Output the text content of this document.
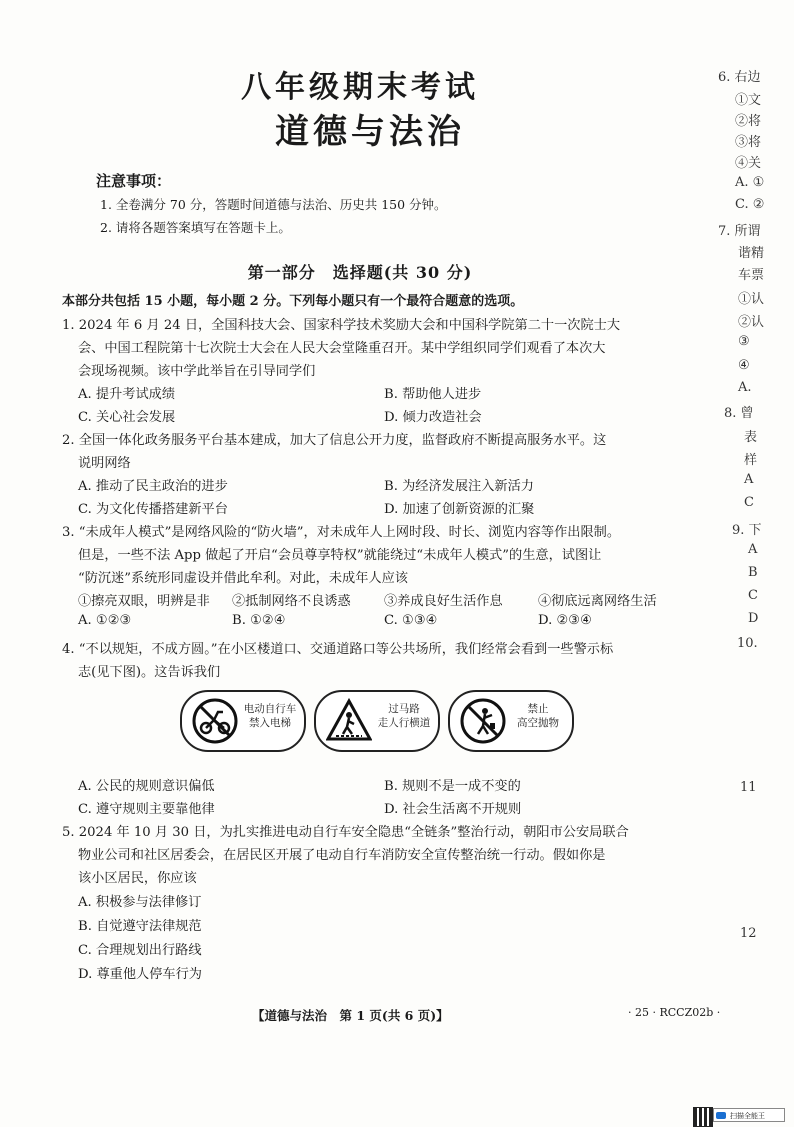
八年级期末考试
道德与法治
注意事项：
1. 全卷满分 70 分，答题时间道德与法治、历史共 150 分钟。
2. 请将各题答案填写在答题卡上。
第一部分　选择题(共 30 分)
本部分共包括 15 小题，每小题 2 分。下列每小题只有一个最符合题意的选项。
1. 2024 年 6 月 24 日，全国科技大会、国家科学技术奖励大会和中国科学院第二十一次院士大
会、中国工程院第十七次院士大会在人民大会堂隆重召开。某中学组织同学们观看了本次大
会现场视频。该中学此举旨在引导同学们
A. 提升考试成绩	B. 帮助他人进步
C. 关心社会发展	D. 倾力改造社会
2. 全国一体化政务服务平台基本建成，加大了信息公开力度，监督政府不断提高服务水平。这
说明网络
A. 推动了民主政治的进步	B. 为经济发展注入新活力
C. 为文化传播搭建新平台	D. 加速了创新资源的汇聚
3. “未成年人模式”是网络风险的“防火墙”，对未成年人上网时段、时长、浏览内容等作出限制。
但是，一些不法 App 做起了开启“会员尊享特权”就能绕过“未成年人模式”的生意，试图让
“防沉迷”系统形同虚设并借此牟利。对此，未成年人应该
①擦亮双眼，明辨是非 ②抵制网络不良诱惑	③养成良好生活作息	④彻底远离网络生活
A. ①②③	B. ①②④	C. ①③④	D. ②③④
4. “不以规矩，不成方圆。”在小区楼道口、交通道路口等公共场所，我们经常会看到一些警示标
志(见下图)。这告诉我们
电动自行车
禁入电梯
过马路
走人行横道
禁止
高空抛物
A. 公民的规则意识偏低	B. 规则不是一成不变的
C. 遵守规则主要靠他律	D. 社会生活离不开规则
5. 2024 年 10 月 30 日，为扎实推进电动自行车安全隐患“全链条”整治行动，朝阳市公安局联合
物业公司和社区居委会，在居民区开展了电动自行车消防安全宣传整治统一行动。假如你是
该小区居民，你应该
A. 积极参与法律修订
B. 自觉遵守法律规范
C. 合理规划出行路线
D. 尊重他人停车行为
【道德与法治　第 1 页(共 6 页)】	· 25 · RCCZ02b ·
6. 右边
①文
②将
③将
④关
A. ①
C. ②
7. 所谓
谐精
车票
①认
②认
③
④
A.
8. 曾
表
样
A
C
9. 下
A
B
C
D
10.
11
12
扫描全能王
